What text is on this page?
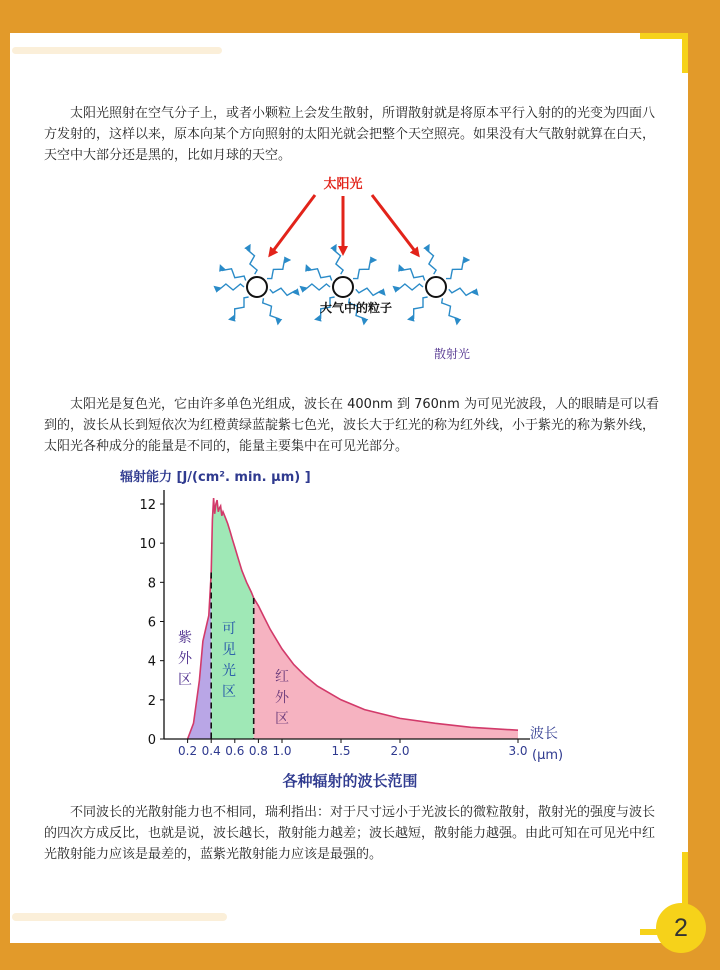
2

太阳光照射在空气分子上，或者小颗粒上会发生散射，所谓散射就是将原本平行入射的的光变为四面八方发射的，这样以来，原本向某个方向照射的太阳光就会把整个天空照亮。如果没有大气散射就算在白天，天空中大部分还是黑的，比如月球的天空。

太阳光是复色光，它由许多单色光组成，波长在 400nm 到 760nm 为可见光波段，人的眼睛是可以看到的，波长从长到短依次为红橙黄绿蓝靛紫七色光，波长大于红光的称为红外线，小于紫光的称为紫外线，太阳光各种成分的能量是不同的，能量主要集中在可见光部分。

不同波长的光散射能力也不相同，瑞利指出：对于尺寸远小于光波长的微粒散射，散射光的强度与波长的四次方成反比，也就是说，波长越长，散射能力越差；波长越短，散射能力越强。由此可知在可见光中红光散射能力应该是最差的，蓝紫光散射能力应该是最强的。

太阳光
大气中的粒子
散射光
辐射能力 [J/(cm². min. μm) ]
0
2
4
6
8
10
12
0.2 0.4 0.6 0.8 1.0	1.5	2.0	3.0
波长
(μm)
紫外区
可见光区
红外区
各种辐射的波长范围
